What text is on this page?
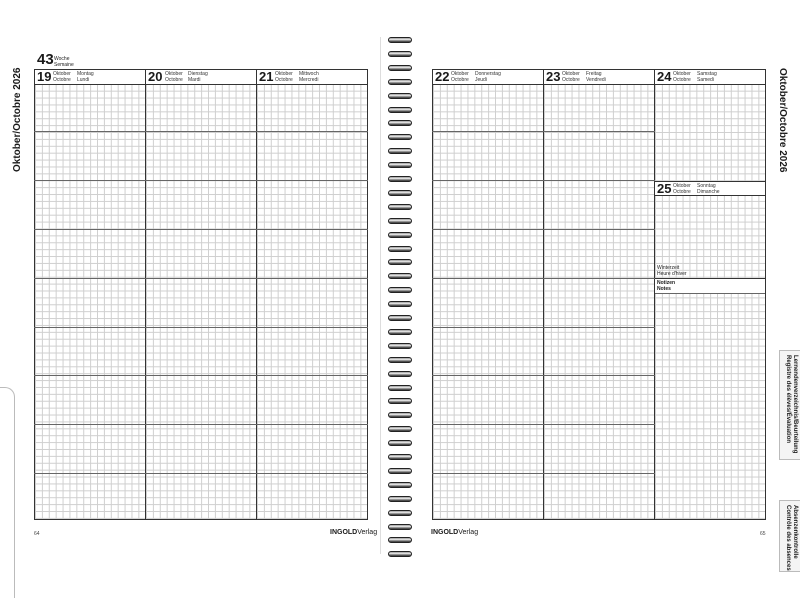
Oktober/Octobre 2026
43 Woche
Semaine
19 Oktober
Octobre
Montag
Lundi	20 Oktober
Octobre
Dienstag
Mardi	21 Oktober
Octobre
Mittwoch
Mercredi
64	INGOLDVerlag
22 Oktober
Octobre
Donnerstag
Jeudi	23 Oktober
Octobre
Freitag
Vendredi	24 Oktober
Octobre
Samstag
Samedi
25 Oktober
Octobre
Sonntag
Dimanche
Winterzeit
Heure d'hiver
Notizen
Notes
Oktober/Octobre 2026
Lernendenverzeichnis/Beurteilung
Registre des élèves/Évaluation
Absenzenkontrolle
Contrôle des absences
INGOLDVerlag	65
